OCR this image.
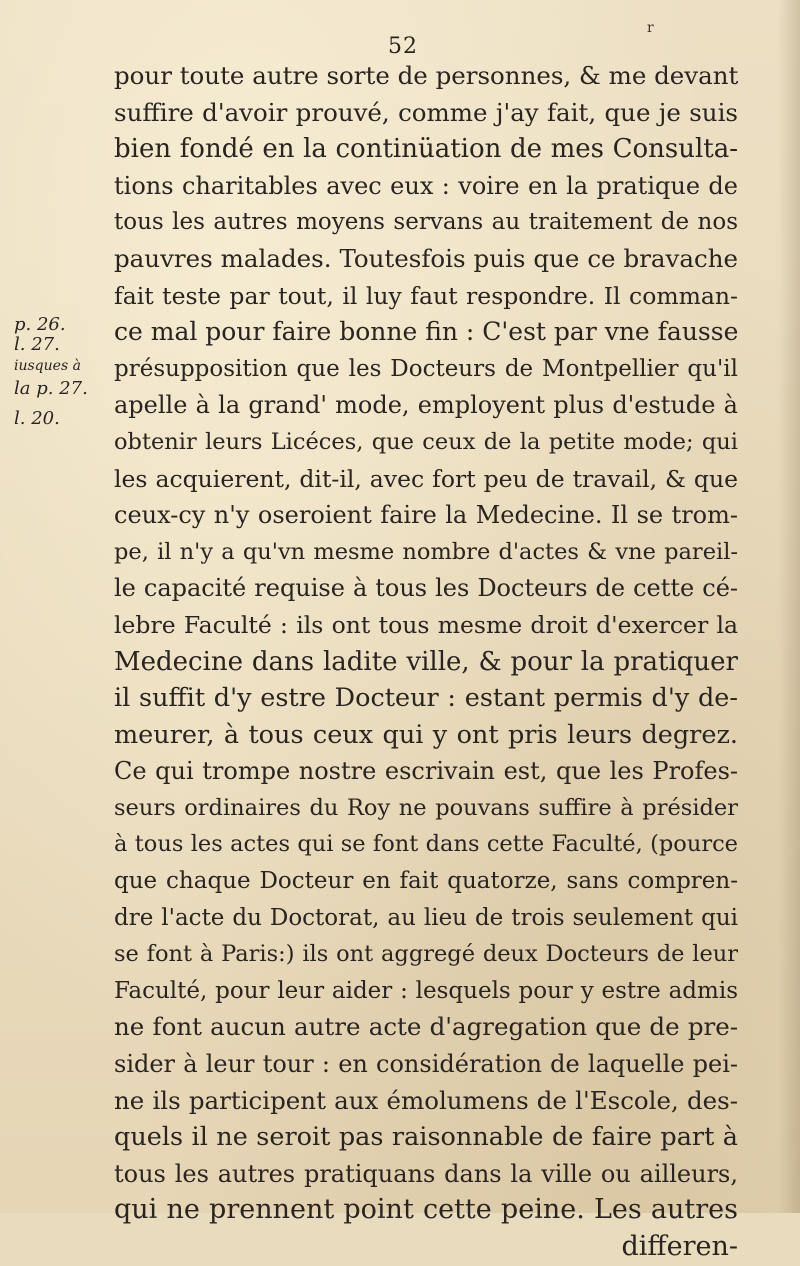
52
r
p. 26.
l. 27.
iusques à
la p. 27.
l. 20.
pour toute autre sorte de personnes, & me devant
suffire d'avoir prouvé, comme j'ay fait, que je suis
bien fondé en la continüation de mes Consulta-
tions charitables avec eux : voire en la pratique de
tous les autres moyens servans au traitement de nos
pauvres malades. Toutesfois puis que ce bravache
fait teste par tout, il luy faut respondre. Il comman-
ce mal pour faire bonne fin : C'est par vne fausse
présupposition que les Docteurs de Montpellier qu'il
apelle à la grand' mode, employent plus d'estude à
obtenir leurs Licéces, que ceux de la petite mode; qui
les acquierent, dit-il, avec fort peu de travail, & que
ceux-cy n'y oseroient faire la Medecine. Il se trom-
pe, il n'y a qu'vn mesme nombre d'actes & vne pareil-
le capacité requise à tous les Docteurs de cette cé-
lebre Faculté : ils ont tous mesme droit d'exercer la
Medecine dans ladite ville, & pour la pratiquer
il suffit d'y estre Docteur : estant permis d'y de-
meurer, à tous ceux qui y ont pris leurs degrez.
Ce qui trompe nostre escrivain est, que les Profes-
seurs ordinaires du Roy ne pouvans suffire à présider
à tous les actes qui se font dans cette Faculté, (pource
que chaque Docteur en fait quatorze, sans compren-
dre l'acte du Doctorat, au lieu de trois seulement qui
se font à Paris:) ils ont aggregé deux Docteurs de leur
Faculté, pour leur aider : lesquels pour y estre admis
ne font aucun autre acte d'agregation que de pre-
sider à leur tour : en considération de laquelle pei-
ne ils participent aux émolumens de l'Escole, des-
quels il ne seroit pas raisonnable de faire part à
tous les autres pratiquans dans la ville ou ailleurs,
qui ne prennent point cette peine. Les autres
differen-
